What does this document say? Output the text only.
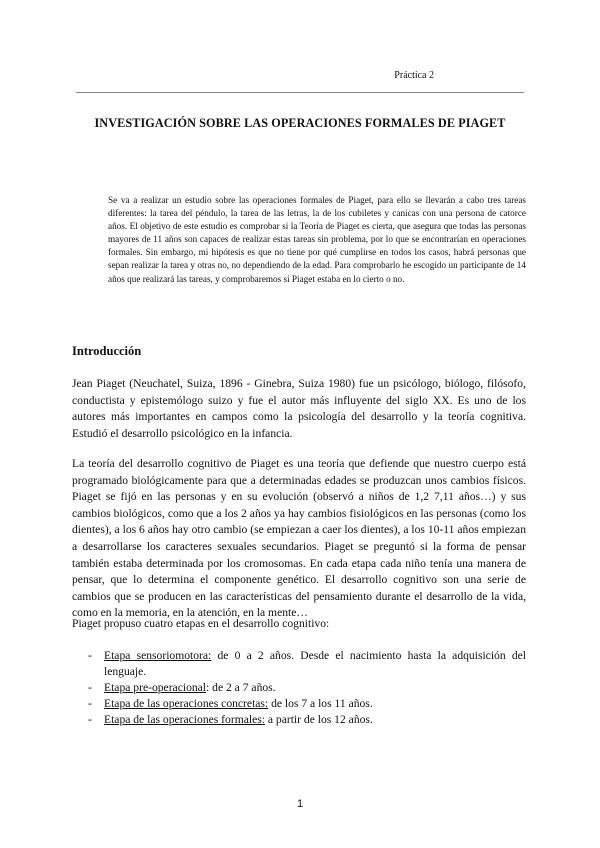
Práctica 2
INVESTIGACIÓN SOBRE LAS OPERACIONES FORMALES DE PIAGET

Se va a realizar un estudio sobre las operaciones formales de Piaget, para ello se llevarán a cabo tres tareas diferentes: la tarea del péndulo, la tarea de las letras, la de los cubiletes y canicas con una persona de catorce años. El objetivo de este estudio es comprobar si la Teoría de Piaget es cierta, que asegura que todas las personas mayores de 11 años son capaces de realizar estas tareas sin problema, por lo que se encontrarían en operaciones formales. Sin embargo, mi hipótesis es que no tiene por qué cumplirse en todos los casos, habrá personas que sepan realizar la tarea y otras no, no dependiendo de la edad. Para comprobarlo he escogido un participante de 14 años que realizará las tareas, y comprobaremos si Piaget estaba en lo cierto o no.

Introducción

Jean Piaget (Neuchatel, Suiza, 1896 - Ginebra, Suiza 1980) fue un psicólogo, biólogo, filósofo, conductista y epistemólogo suizo y fue el autor más influyente del siglo XX. Es uno de los autores más importantes en campos como la psicología del desarrollo y la teoría cognitiva. Estudió el desarrollo psicológico en la infancia.

La teoría del desarrollo cognitivo de Piaget es una teoría que defiende que nuestro cuerpo está programado biológicamente para que a determinadas edades se produzcan unos cambios físicos. Piaget se fijó en las personas y en su evolución (observó a niños de 1,2 7,11 años…) y sus cambios biológicos, como que a los 2 años ya hay cambios fisiológicos en las personas (como los dientes), a los 6 años hay otro cambio (se empiezan a caer los dientes), a los 10-11 años empiezan a desarrollarse los caracteres sexuales secundarios. Piaget se preguntó si la forma de pensar también estaba determinada por los cromosomas. En cada etapa cada niño tenía una manera de pensar, que lo determina el componente genético. El desarrollo cognitivo son una serie de cambios que se producen en las características del pensamiento durante el desarrollo de la vida, como en la memoria, en la atención, en la mente…

Piaget propuso cuatro etapas en el desarrollo cognitivo:

- Etapa sensoriomotora: de 0 a 2 años. Desde el nacimiento hasta la adquisición del lenguaje.
- Etapa pre-operacional: de 2 a 7 años.
- Etapa de las operaciones concretas: de los 7 a los 11 años.
- Etapa de las operaciones formales: a partir de los 12 años.
1
